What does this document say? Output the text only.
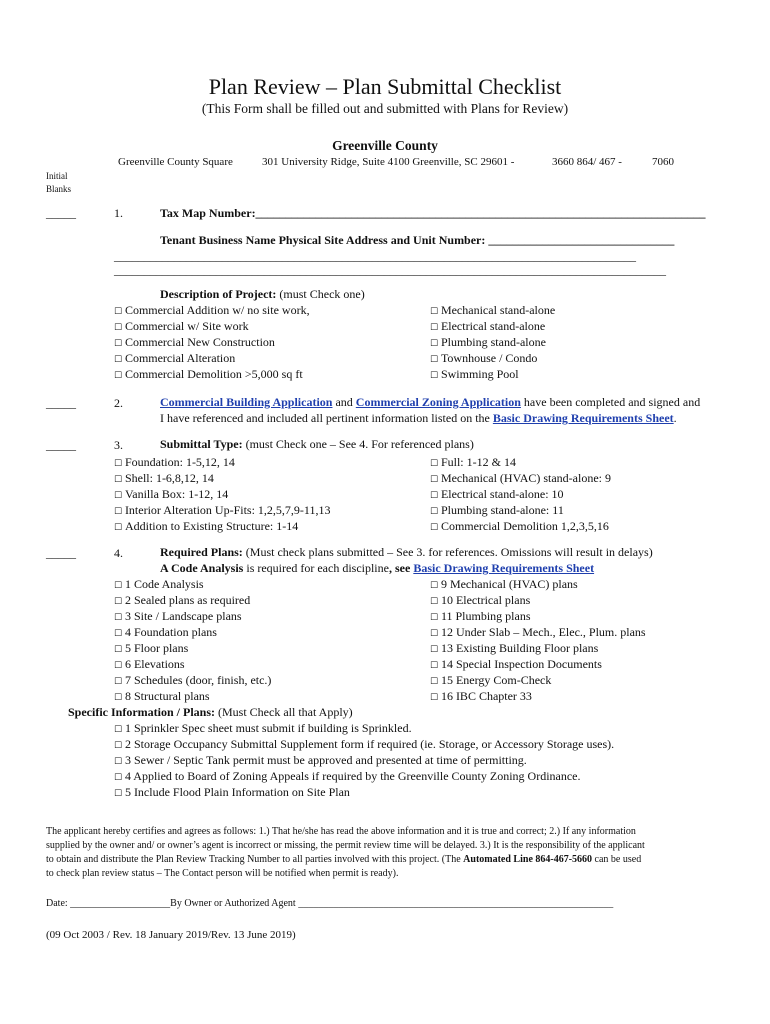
Plan Review – Plan Submittal Checklist
(This Form shall be filled out and submitted with Plans for Review)
Greenville County
Greenville County Square	301 University Ridge, Suite 4100 Greenville, SC 29601 -	3660 864/ 467 -	7060
Initial
Blanks
_____	1.	Tax Map Number:___________________________________________________________________________
Tenant Business Name Physical Site Address and Unit Number: _______________________________
_______________________________________________________________________________________
____________________________________________________________________________________________
Description of Project: (must Check one)
☐ Commercial Addition w/ no site work,
☐ Commercial w/ Site work
☐ Commercial New Construction
☐ Commercial Alteration
☐ Commercial Demolition >5,000 sq ft
☐ Mechanical stand-alone
☐ Electrical stand-alone
☐ Plumbing stand-alone
☐ Townhouse / Condo
☐ Swimming Pool
_____	2.	Commercial Building Application and Commercial Zoning Application have been completed and signed and
I have referenced and included all pertinent information listed on the Basic Drawing Requirements Sheet.
_____	3.	Submittal Type: (must Check one – See 4. For referenced plans)
☐ Foundation: 1-5,12, 14
☐ Shell: 1-6,8,12, 14
☐ Vanilla Box: 1-12, 14
☐ Interior Alteration Up-Fits: 1,2,5,7,9-11,13
☐ Addition to Existing Structure: 1-14
☐ Full: 1-12 & 14
☐ Mechanical (HVAC) stand-alone: 9
☐ Electrical stand-alone: 10
☐ Plumbing stand-alone: 11
☐ Commercial Demolition 1,2,3,5,16
_____	4.	Required Plans: (Must check plans submitted – See 3. for references. Omissions will result in delays)
A Code Analysis is required for each discipline, see Basic Drawing Requirements Sheet
☐ 1 Code Analysis
☐ 2 Sealed plans as required
☐ 3 Site / Landscape plans
☐ 4 Foundation plans
☐ 5 Floor plans
☐ 6 Elevations
☐ 7 Schedules (door, finish, etc.)
☐ 8 Structural plans
☐ 9 Mechanical (HVAC) plans
☐ 10 Electrical plans
☐ 11 Plumbing plans
☐ 12 Under Slab – Mech., Elec., Plum. plans
☐ 13 Existing Building Floor plans
☐ 14 Special Inspection Documents
☐ 15 Energy Com-Check
☐ 16 IBC Chapter 33
Specific Information / Plans: (Must Check all that Apply)
☐ 1 Sprinkler Spec sheet must submit if building is Sprinkled.
☐ 2 Storage Occupancy Submittal Supplement form if required (ie. Storage, or Accessory Storage uses).
☐ 3 Sewer / Septic Tank permit must be approved and presented at time of permitting.
☐ 4 Applied to Board of Zoning Appeals if required by the Greenville County Zoning Ordinance.
☐ 5 Include Flood Plain Information on Site Plan
The applicant hereby certifies and agrees as follows: 1.) That he/she has read the above information and it is true and correct; 2.) If any information
supplied by the owner and/ or owner’s agent is incorrect or missing, the permit review time will be delayed. 3.) It is the responsibility of the applicant
to obtain and distribute the Plan Review Tracking Number to all parties involved with this project. (The Automated Line 864-467-5660 can be used
to check plan review status – The Contact person will be notified when permit is ready).
Date: ____________________By Owner or Authorized Agent _______________________________________________________________
(09 Oct 2003 / Rev. 18 January 2019/Rev. 13 June 2019)
